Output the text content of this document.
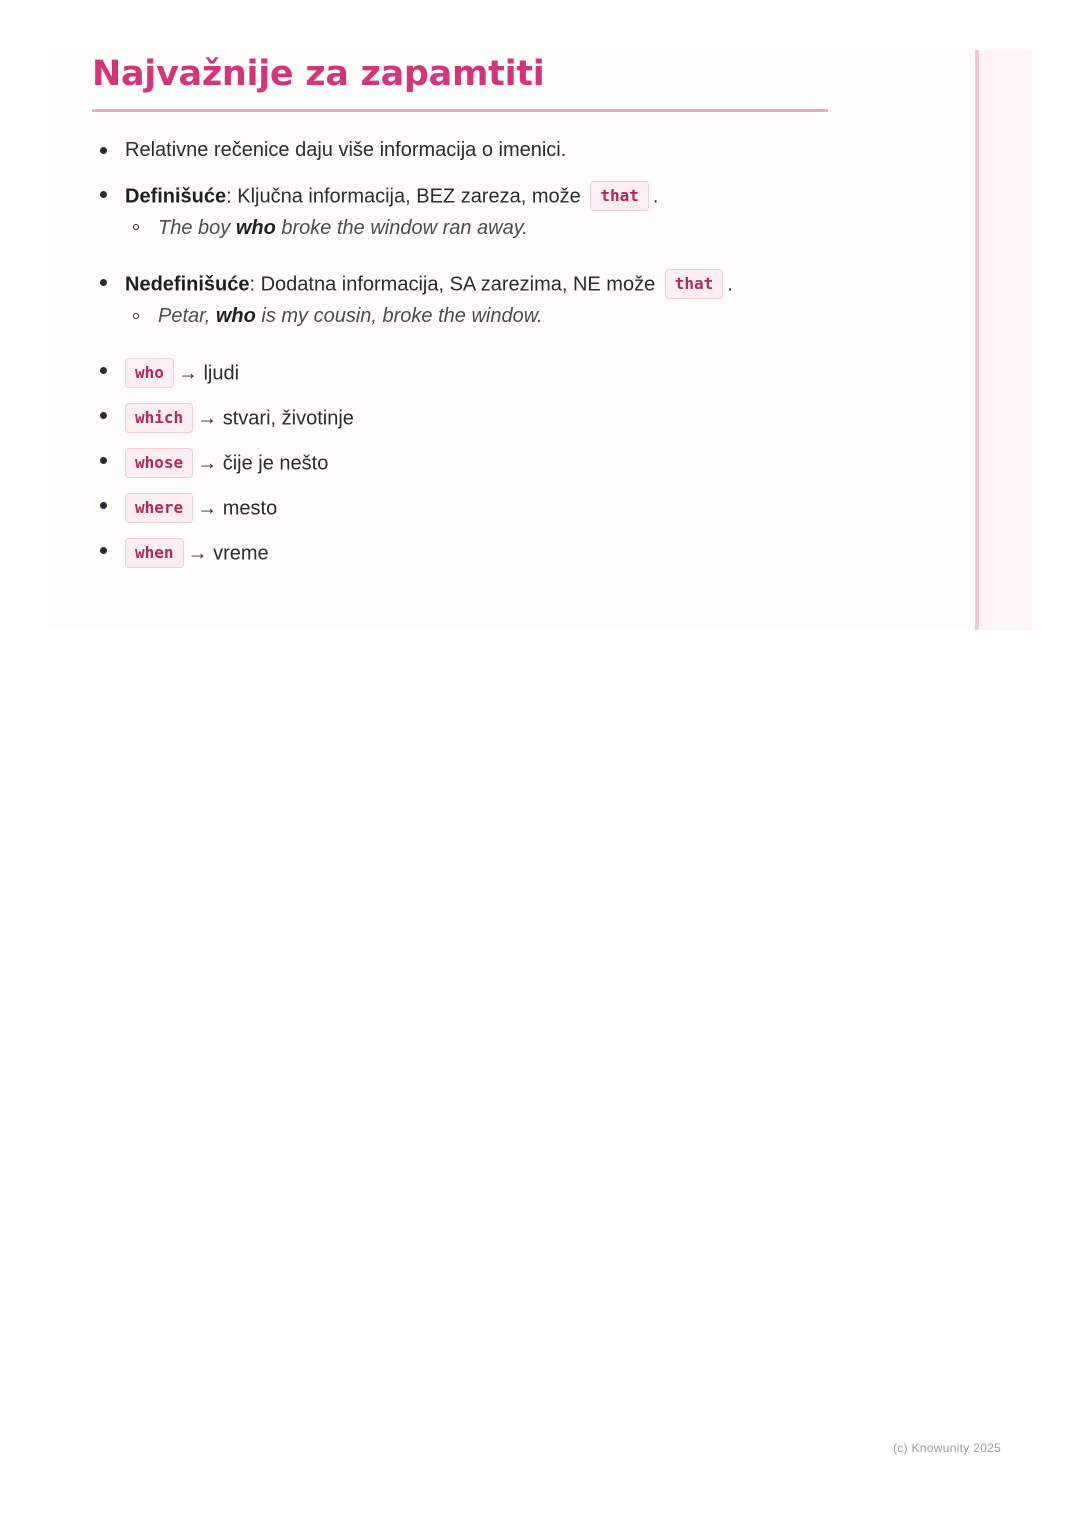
Najvažnije za zapamtiti
Relativne rečenice daju više informacija o imenici.
Definišuće: Ključna informacija, BEZ zareza, može that .
The boy who broke the window ran away.
Nedefinišuće: Dodatna informacija, SA zarezima, NE može that .
Petar, who is my cousin, broke the window.
who → ljudi
which → stvari, životinje
whose → čije je nešto
where → mesto
when → vreme
(c) Knowunity 2025
